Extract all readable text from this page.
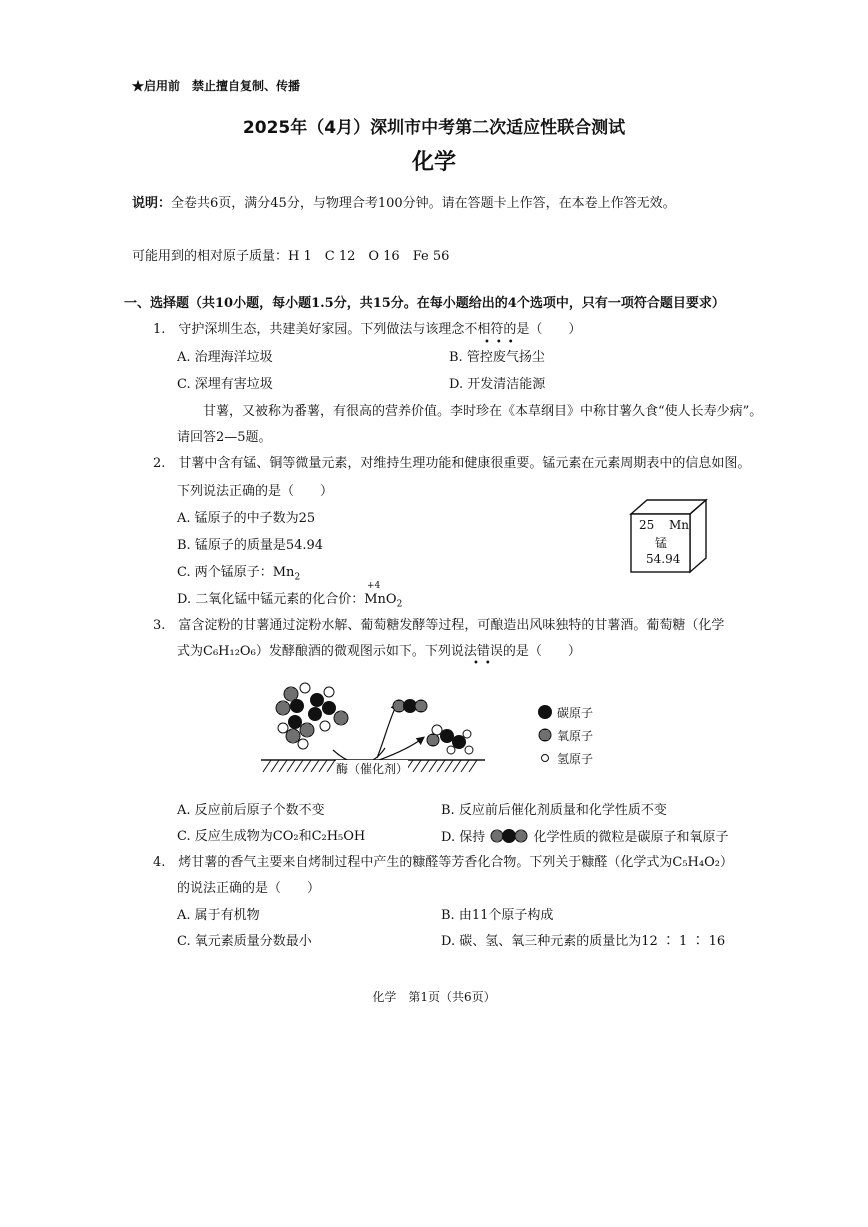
★启用前　禁止擅自复制、传播
2025年（4月）深圳市中考第二次适应性联合测试
化学
说明：全卷共6页，满分45分，与物理合考100分钟。请在答题卡上作答，在本卷上作答无效。
可能用到的相对原子质量：H 1　C 12　O 16　Fe 56
一、选择题（共10小题，每小题1.5分，共15分。在每小题给出的4个选项中，只有一项符合题目要求）
1.　守护深圳生态，共建美好家园。下列做法与该理念不相符的是（　　）
•••
A. 治理海洋垃圾	B. 管控废气扬尘
C. 深埋有害垃圾	D. 开发清洁能源
甘薯，又被称为番薯，有很高的营养价值。李时珍在《本草纲目》中称甘薯久食“使人长寿少病”。
请回答2—5题。
2.　甘薯中含有锰、铜等微量元素，对维持生理功能和健康很重要。锰元素在元素周期表中的信息如图。
下列说法正确的是（　　）
A. 锰原子的中子数为25
B. 锰原子的质量是54.94
C. 两个锰原子：$Mn_2$
+4
D. 二氧化锰中锰元素的化合价：MnO$_2$
25 Mn
锰
54.94
3.　富含淀粉的甘薯通过淀粉水解、葡萄糖发酵等过程，可酿造出风味独特的甘薯酒。葡萄糖（化学
式为C₆H₁₂O₆）发酵酿酒的微观图示如下。下列说法错误的是（　　）
••
酶（催化剂）
碳原子
氧原子
氢原子
A. 反应前后原子个数不变	B. 反应前后催化剂质量和化学性质不变
C. 反应生成物为CO₂和C₂H₅OH	D. 保持	化学性质的微粒是碳原子和氧原子
4.　烤甘薯的香气主要来自烤制过程中产生的糠醛等芳香化合物。下列关于糠醛（化学式为C₅H₄O₂）
的说法正确的是（　　）
A. 属于有机物	B. 由11个原子构成
C. 氧元素质量分数最小	D. 碳、氢、氧三种元素的质量比为12 ∶ 1 ∶ 16
化学　第1页（共6页）
